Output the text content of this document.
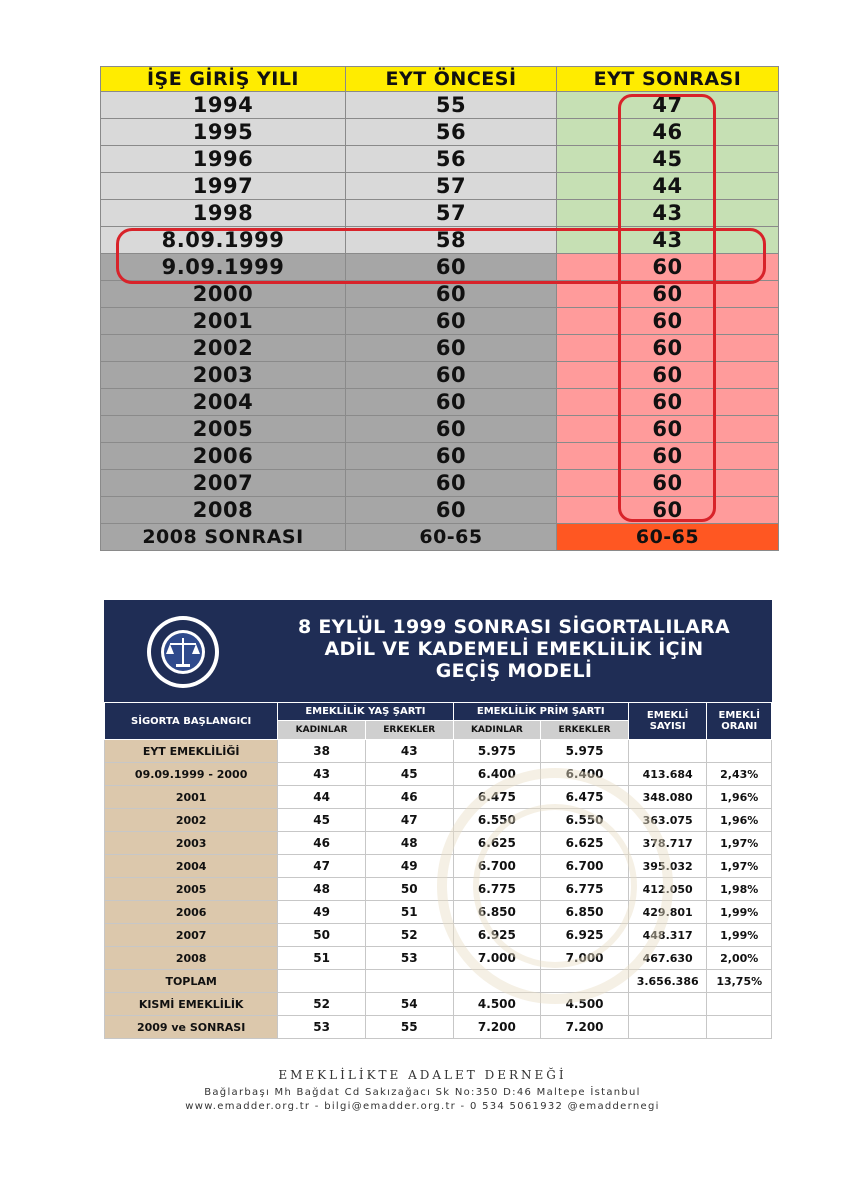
İŞE GİRİŞ YILI	EYT ÖNCESİ	EYT SONRASI
1994	55	47
1995	56	46
1996	56	45
1997	57	44
1998	57	43
8.09.1999	58	43
9.09.1999	60	60
2000	60	60
2001	60	60
2002	60	60
2003	60	60
2004	60	60
2005	60	60
2006	60	60
2007	60	60
2008	60	60
2008 SONRASI	60-65	60-65
8 EYLÜL 1999 SONRASI SİGORTALILARA
ADİL VE KADEMELİ EMEKLİLİK İÇİN
GEÇİŞ MODELİ
SİGORTA BAŞLANGICI	EMEKLİLİK YAŞ ŞARTI		EMEKLİLİK PRİM ŞARTI		EMEKLİ SAYISI	EMEKLİ ORANI
	KADINLAR	ERKEKLER	KADINLAR	ERKEKLER		
EYT EMEKLİLİĞİ	38	43	5.975	5.975		
09.09.1999 - 2000	43	45	6.400	6.400	413.684	2,43%
2001	44	46	6.475	6.475	348.080	1,96%
2002	45	47	6.550	6.550	363.075	1,96%
2003	46	48	6.625	6.625	378.717	1,97%
2004	47	49	6.700	6.700	395.032	1,97%
2005	48	50	6.775	6.775	412.050	1,98%
2006	49	51	6.850	6.850	429.801	1,99%
2007	50	52	6.925	6.925	448.317	1,99%
2008	51	53	7.000	7.000	467.630	2,00%
TOPLAM					3.656.386	13,75%
KISMİ EMEKLİLİK	52	54	4.500	4.500		
2009 ve SONRASI	53	55	7.200	7.200		
EMEKLİLİKTE ADALET DERNEĞİ
Bağlarbaşı Mh Bağdat Cd Sakızağacı Sk No:350 D:46 Maltepe İstanbul
www.emadder.org.tr - bilgi@emadder.org.tr - 0 534 5061932 @emaddernegi
